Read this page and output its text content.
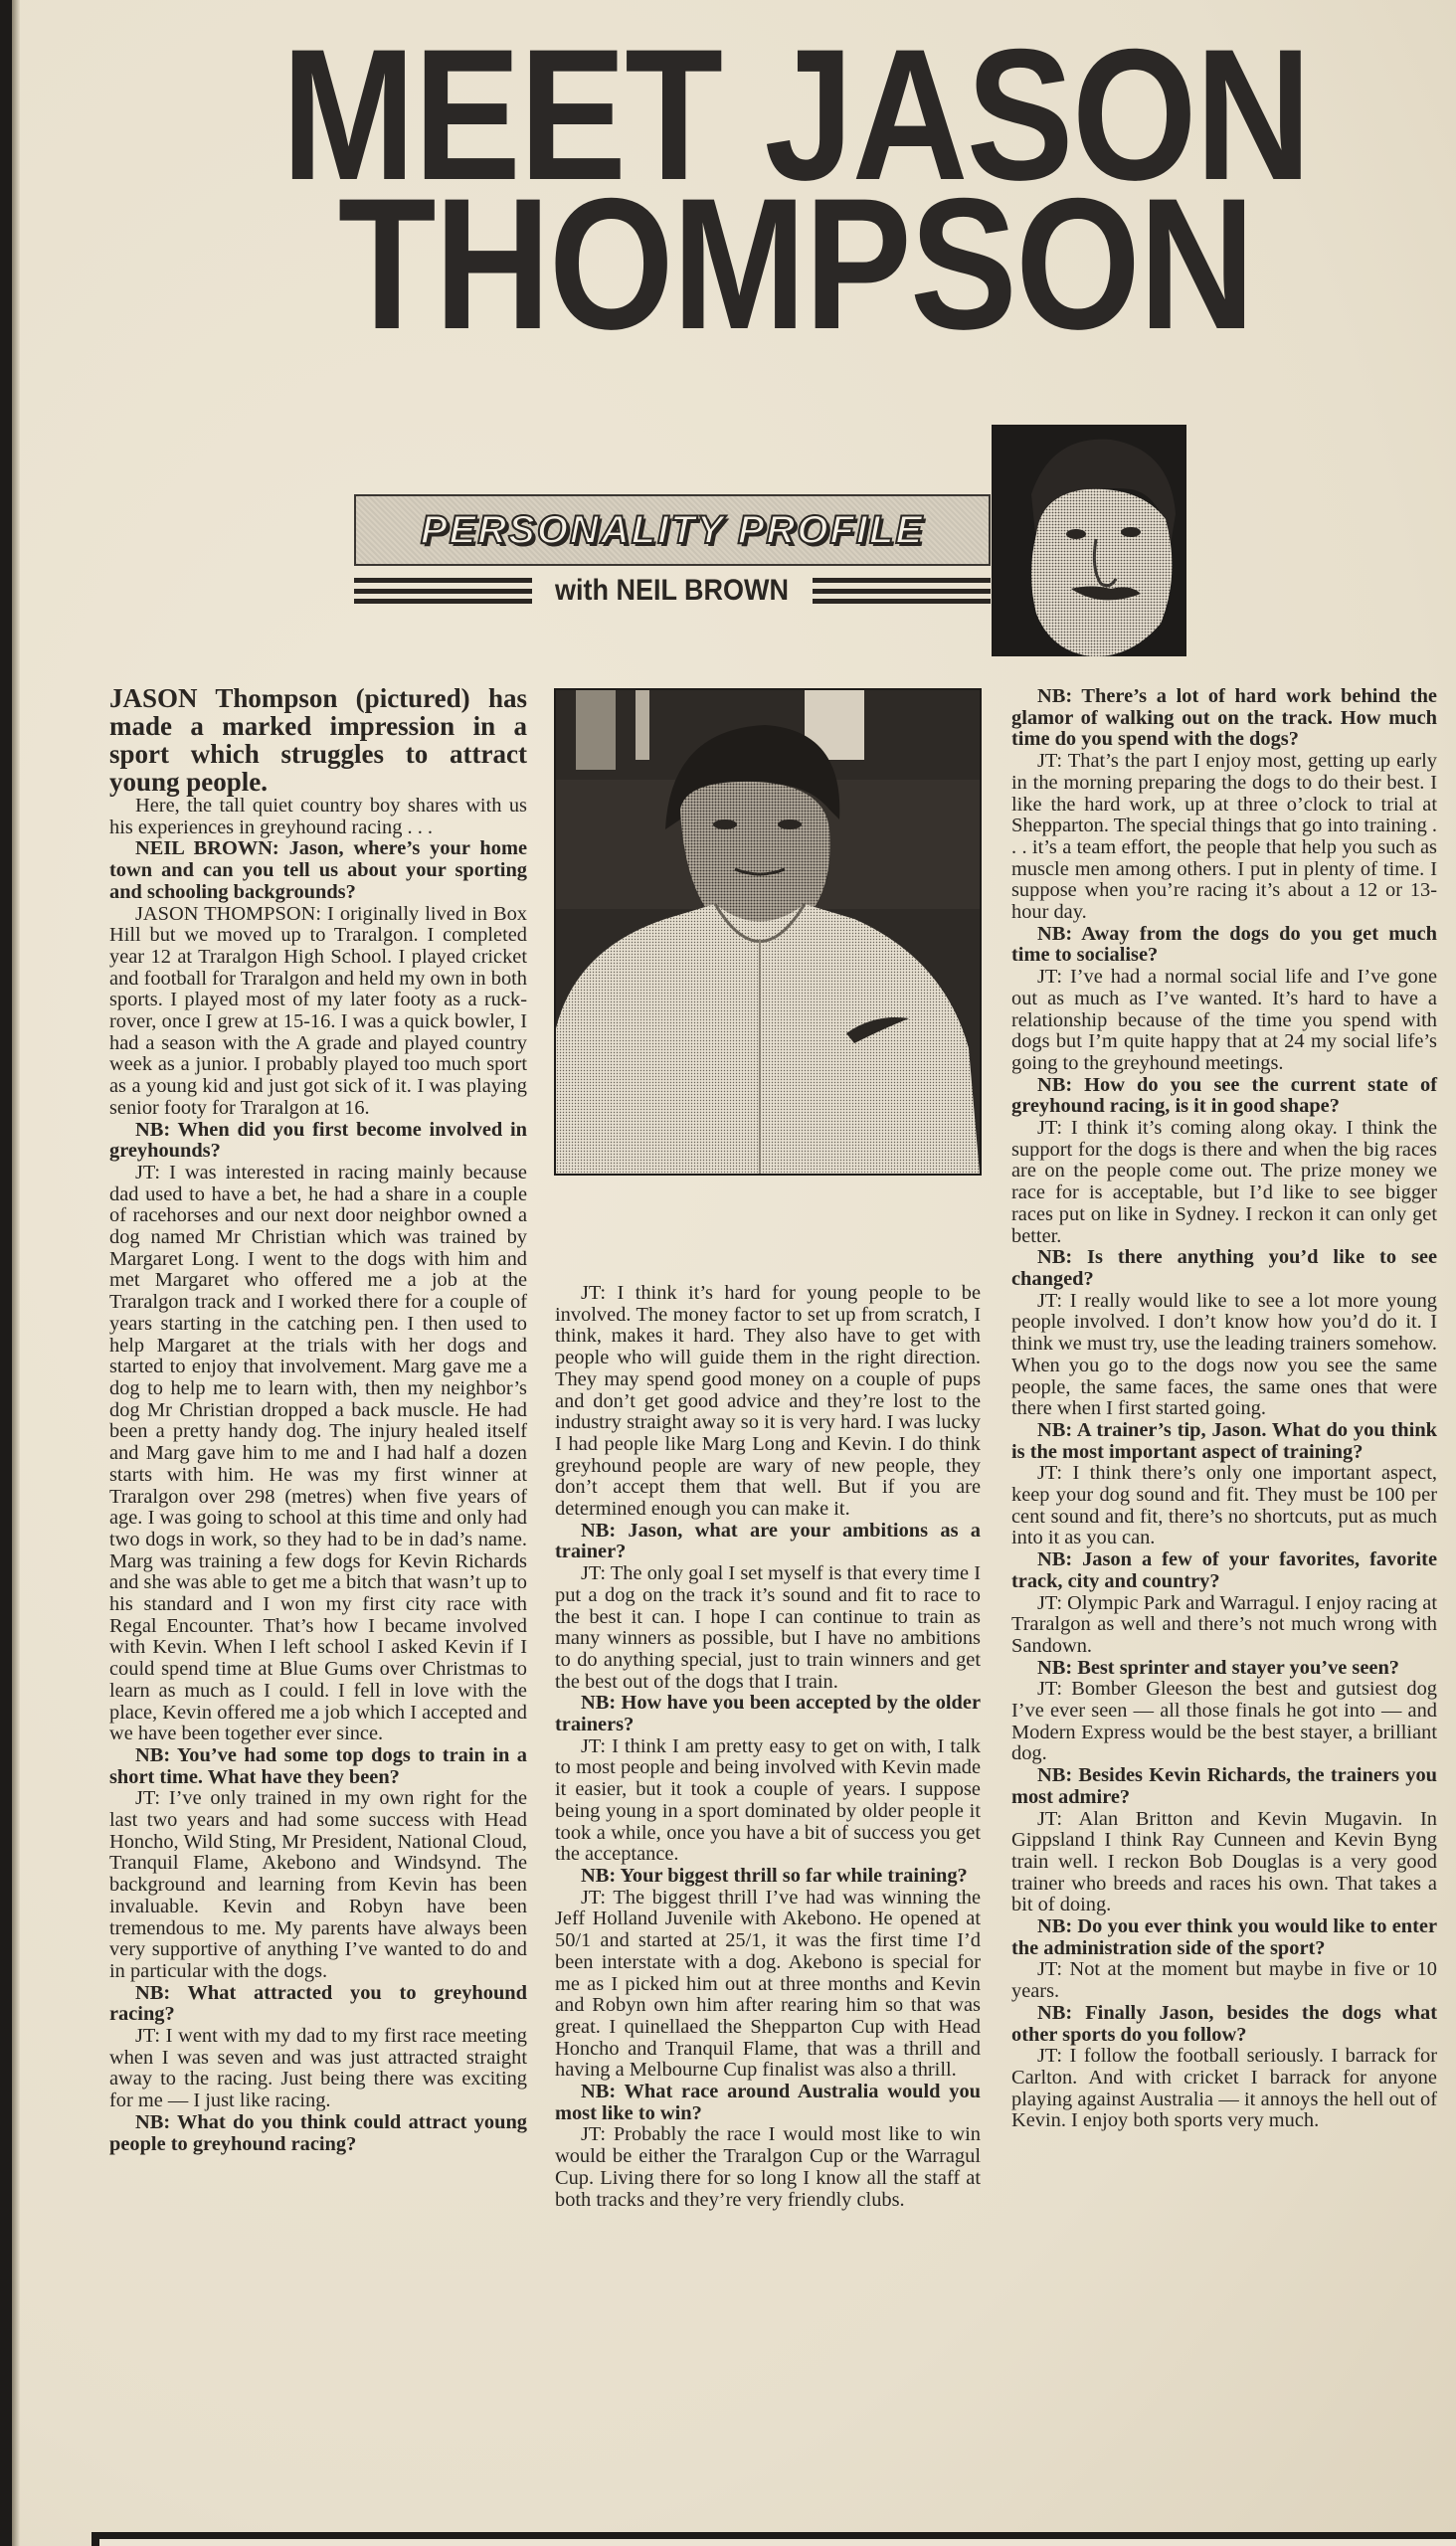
MEET JASON
THOMPSON
PERSONALITY PROFILE
with NEIL BROWN

JASON Thompson (pictured) has made a marked impression in a sport which struggles to attract young people.

Here, the tall quiet country boy shares with us his experiences in greyhound racing . . .

NEIL BROWN: Jason, where’s your home town and can you tell us about your sporting and schooling backgrounds?

JASON THOMPSON: I originally lived in Box Hill but we moved up to Traralgon. I completed year 12 at Traralgon High School. I played cricket and football for Traralgon and held my own in both sports. I played most of my later footy as a ruck-rover, once I grew at 15-16. I was a quick bowler, I had a season with the A grade and played country week as a junior. I probably played too much sport as a young kid and just got sick of it. I was playing senior footy for Traralgon at 16.

NB: When did you first become involved in greyhounds?

JT: I was interested in racing mainly because dad used to have a bet, he had a share in a couple of racehorses and our next door neighbor owned a dog named Mr Christian which was trained by Margaret Long. I went to the dogs with him and met Margaret who offered me a job at the Traralgon track and I worked there for a couple of years starting in the catching pen. I then used to help Margaret at the trials with her dogs and started to enjoy that involvement. Marg gave me a dog to help me to learn with, then my neighbor’s dog Mr Christian dropped a back muscle. He had been a pretty handy dog. The injury healed itself and Marg gave him to me and I had half a dozen starts with him. He was my first winner at Traralgon over 298 (metres) when five years of age. I was going to school at this time and only had two dogs in work, so they had to be in dad’s name. Marg was training a few dogs for Kevin Richards and she was able to get me a bitch that wasn’t up to his standard and I won my first city race with Regal Encounter. That’s how I became involved with Kevin. When I left school I asked Kevin if I could spend time at Blue Gums over Christmas to learn as much as I could. I fell in love with the place, Kevin offered me a job which I accepted and we have been together ever since.

NB: You’ve had some top dogs to train in a short time. What have they been?

JT: I’ve only trained in my own right for the last two years and had some success with Head Honcho, Wild Sting, Mr President, National Cloud, Tranquil Flame, Akebono and Windsynd. The background and learning from Kevin has been invaluable. Kevin and Robyn have been tremendous to me. My parents have always been very supportive of anything I’ve wanted to do and in particular with the dogs.

NB: What attracted you to greyhound racing?

JT: I went with my dad to my first race meeting when I was seven and was just attracted straight away to the racing. Just being there was exciting for me — I just like racing.

NB: What do you think could attract young people to greyhound racing?

JT: I think it’s hard for young people to be involved. The money factor to set up from scratch, I think, makes it hard. They also have to get with people who will guide them in the right direction. They may spend good money on a couple of pups and don’t get good advice and they’re lost to the industry straight away so it is very hard. I was lucky I had people like Marg Long and Kevin. I do think greyhound people are wary of new people, they don’t accept them that well. But if you are determined enough you can make it.

NB: Jason, what are your ambitions as a trainer?

JT: The only goal I set myself is that every time I put a dog on the track it’s sound and fit to race to the best it can. I hope I can continue to train as many winners as possible, but I have no ambitions to do anything special, just to train winners and get the best out of the dogs that I train.

NB: How have you been accepted by the older trainers?

JT: I think I am pretty easy to get on with, I talk to most people and being involved with Kevin made it easier, but it took a couple of years. I suppose being young in a sport dominated by older people it took a while, once you have a bit of success you get the acceptance.

NB: Your biggest thrill so far while training?

JT: The biggest thrill I’ve had was winning the Jeff Holland Juvenile with Akebono. He opened at 50/1 and started at 25/1, it was the first time I’d been interstate with a dog. Akebono is special for me as I picked him out at three months and Kevin and Robyn own him after rearing him so that was great. I quinellaed the Shepparton Cup with Head Honcho and Tranquil Flame, that was a thrill and having a Melbourne Cup finalist was also a thrill.

NB: What race around Australia would you most like to win?

JT: Probably the race I would most like to win would be either the Traralgon Cup or the Warragul Cup. Living there for so long I know all the staff at both tracks and they’re very friendly clubs.

NB: There’s a lot of hard work behind the glamor of walking out on the track. How much time do you spend with the dogs?

JT: That’s the part I enjoy most, getting up early in the morning preparing the dogs to do their best. I like the hard work, up at three o’clock to trial at Shepparton. The special things that go into training . . . it’s a team effort, the people that help you such as muscle men among others. I put in plenty of time. I suppose when you’re racing it’s about a 12 or 13-hour day.

NB: Away from the dogs do you get much time to socialise?

JT: I’ve had a normal social life and I’ve gone out as much as I’ve wanted. It’s hard to have a relationship because of the time you spend with dogs but I’m quite happy that at 24 my social life’s going to the greyhound meetings.

NB: How do you see the current state of greyhound racing, is it in good shape?

JT: I think it’s coming along okay. I think the support for the dogs is there and when the big races are on the people come out. The prize money we race for is acceptable, but I’d like to see bigger races put on like in Sydney. I reckon it can only get better.

NB: Is there anything you’d like to see changed?

JT: I really would like to see a lot more young people involved. I don’t know how you’d do it. I think we must try, use the leading trainers somehow. When you go to the dogs now you see the same people, the same faces, the same ones that were there when I first started going.

NB: A trainer’s tip, Jason. What do you think is the most important aspect of training?

JT: I think there’s only one important aspect, keep your dog sound and fit. They must be 100 per cent sound and fit, there’s no shortcuts, put as much into it as you can.

NB: Jason a few of your favorites, favorite track, city and country?

JT: Olympic Park and Warragul. I enjoy racing at Traralgon as well and there’s not much wrong with Sandown.

NB: Best sprinter and stayer you’ve seen?

JT: Bomber Gleeson the best and gutsiest dog I’ve ever seen — all those finals he got into — and Modern Express would be the best stayer, a brilliant dog.

NB: Besides Kevin Richards, the trainers you most admire?

JT: Alan Britton and Kevin Mugavin. In Gippsland I think Ray Cunneen and Kevin Byng train well. I reckon Bob Douglas is a very good trainer who breeds and races his own. That takes a bit of doing.

NB: Do you ever think you would like to enter the administration side of the sport?

JT: Not at the moment but maybe in five or 10 years.

NB: Finally Jason, besides the dogs what other sports do you follow?

JT: I follow the football seriously. I barrack for Carlton. And with cricket I barrack for anyone playing against Australia — it annoys the hell out of Kevin. I enjoy both sports very much.
